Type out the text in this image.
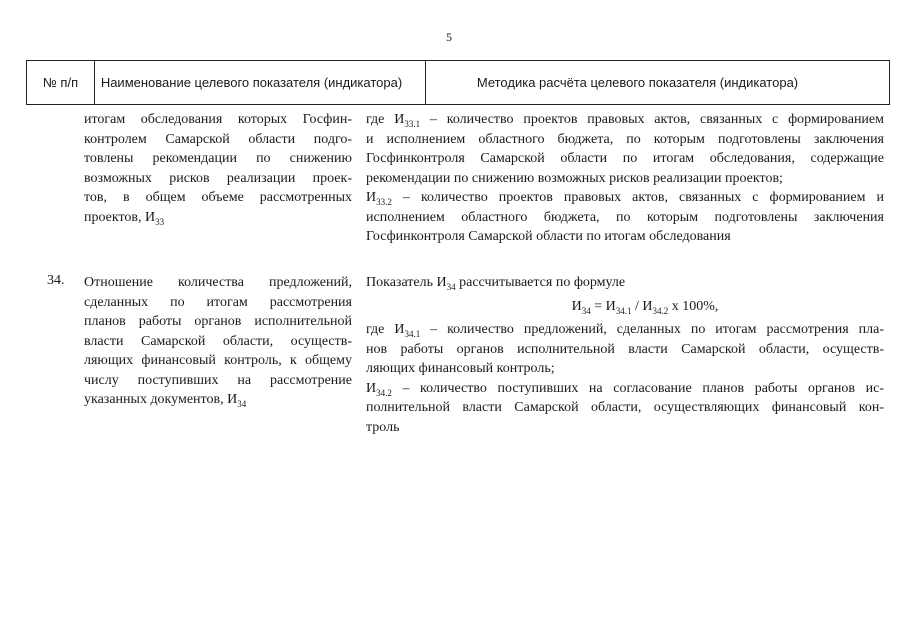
5
№ п/п	Наименование целевого показателя (индикатора)	Методика расчёта целевого показателя (индикатора)
итогам обследования которых Госфин-
контролем Самарской области подго-
товлены рекомендации по снижению
возможных рисков реализации проек-
тов, в общем объеме рассмотренных
проектов, $И_{33}$
где $И_{33.1}$ – количество проектов правовых актов, связанных с формированием
и исполнением областного бюджета, по которым подготовлены заключения
Госфинконтроля Самарской области по итогам обследования, содержащие
рекомендации по снижению возможных рисков реализации проектов;
$И_{33.2}$ – количество проектов правовых актов, связанных с формированием и
исполнением областного бюджета, по которым подготовлены заключения
Госфинконтроля Самарской области по итогам обследования
34. Отношение количества предложений,
сделанных по итогам рассмотрения
планов работы органов исполнительной
власти Самарской области, осуществ-
ляющих финансовый контроль, к общему
числу поступивших на рассмотрение
указанных документов, $И_{34}$
Показатель $И_{34}$ рассчитывается по формуле
$И_{34} = И_{34.1} / И_{34.2}$ х 100%,
где $И_{34.1}$ – количество предложений, сделанных по итогам рассмотрения пла-
нов работы органов исполнительной власти Самарской области, осуществ-
ляющих финансовый контроль;
$И_{34.2}$ – количество поступивших на согласование планов работы органов ис-
полнительной власти Самарской области, осуществляющих финансовый кон-
троль
